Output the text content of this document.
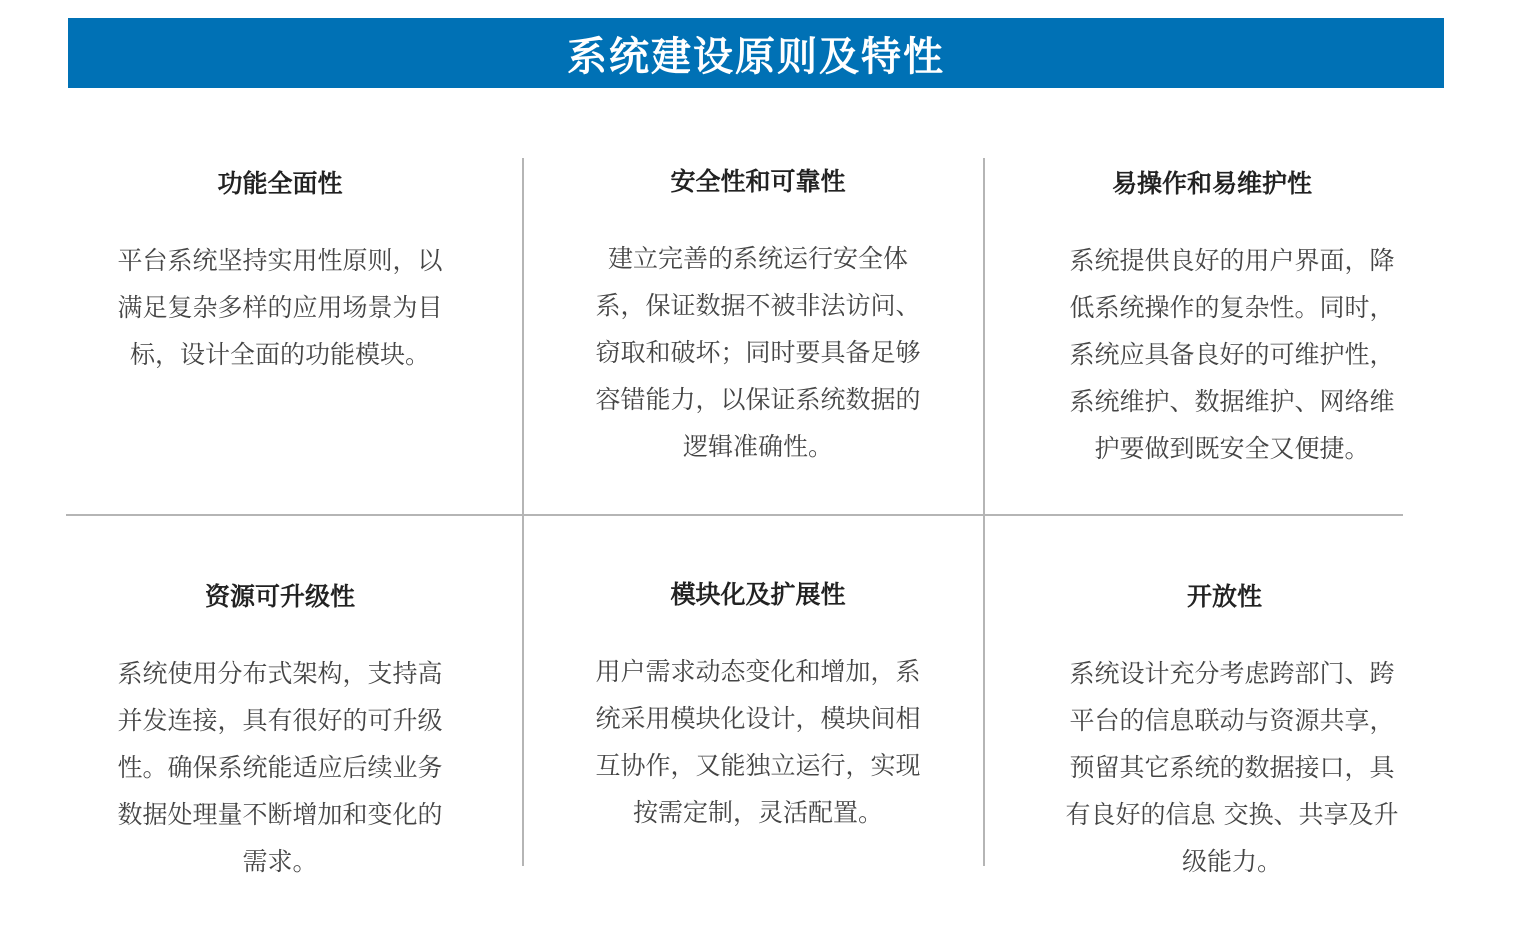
系统建设原则及特性
功能全面性

平台系统坚持实用性原则，以
满足复杂多样的应用场景为目
标，设计全面的功能模块。

安全性和可靠性

建立完善的系统运行安全体
系，保证数据不被非法访问、
窃取和破坏；同时要具备足够
容错能力，以保证系统数据的
逻辑准确性。

易操作和易维护性

系统提供良好的用户界面，降
低系统操作的复杂性。同时，
系统应具备良好的可维护性，
系统维护、数据维护、网络维
护要做到既安全又便捷。

资源可升级性

系统使用分布式架构，支持高
并发连接，具有很好的可升级
性。确保系统能适应后续业务
数据处理量不断增加和变化的
需求。

模块化及扩展性

用户需求动态变化和增加，系
统采用模块化设计，模块间相
互协作，又能独立运行，实现
按需定制，灵活配置。

开放性

系统设计充分考虑跨部门、跨
平台的信息联动与资源共享，
预留其它系统的数据接口，具
有良好的信息 交换、共享及升
级能力。
